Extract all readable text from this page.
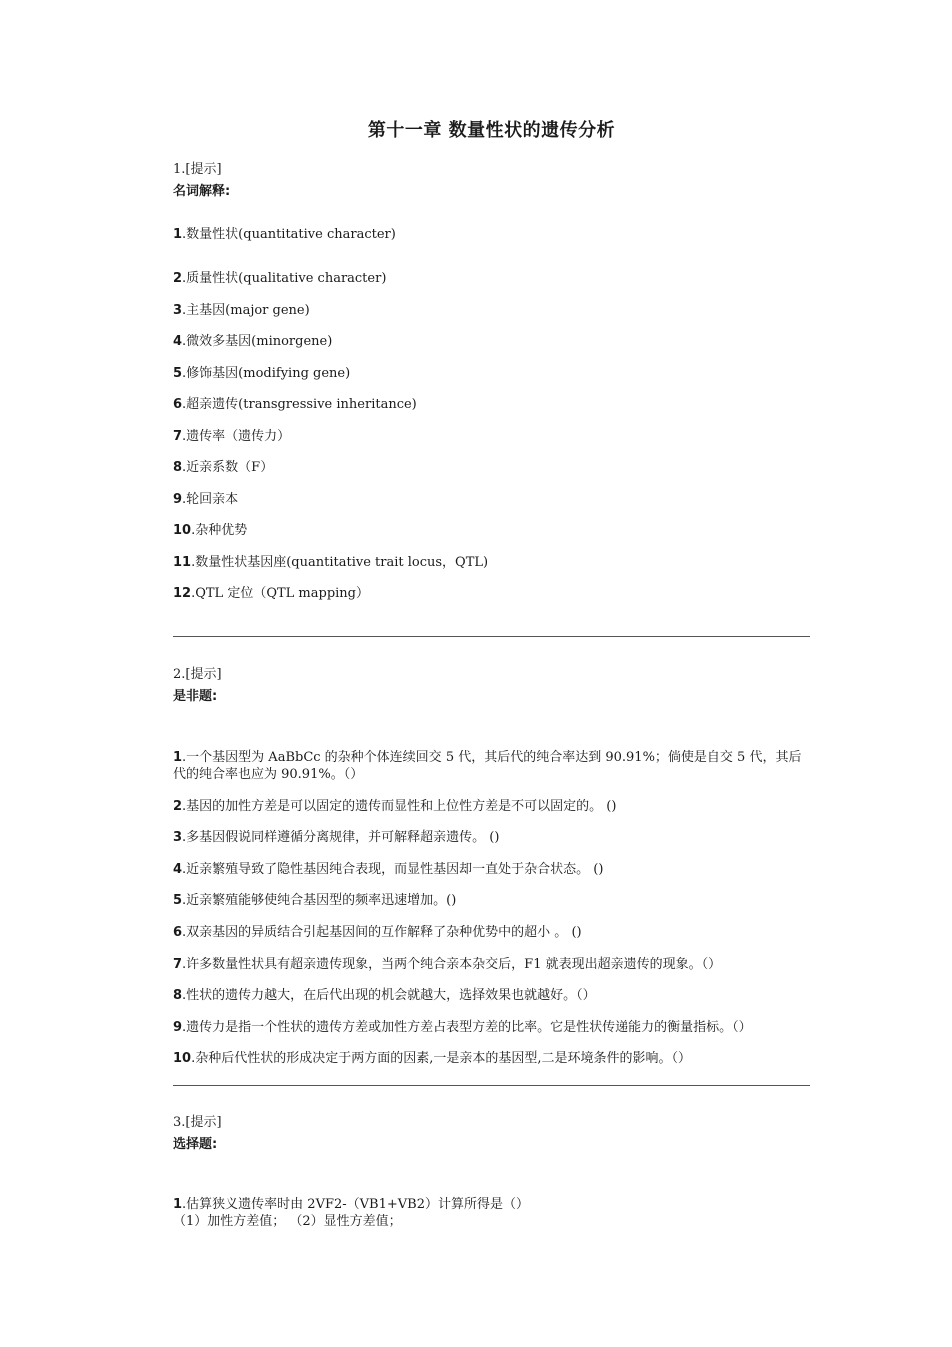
第十一章 数量性状的遗传分析
1.[提示]
名词解释:
1.数量性状(quantitative character)
2.质量性状(qualitative character)
3.主基因(major gene)
4.微效多基因(minorgene)
5.修饰基因(modifying gene)
6.超亲遗传(transgressive inheritance)
7.遗传率（遗传力）
8.近亲系数（F）
9.轮回亲本
10.杂种优势
11.数量性状基因座(quantitative trait locus，QTL)
12.QTL 定位（QTL mapping）
2.[提示]
是非题:
1.一个基因型为 AaBbCc 的杂种个体连续回交 5 代，其后代的纯合率达到 90.91%；倘使是自交 5 代，其后代的纯合率也应为 90.91%。（）
2.基因的加性方差是可以固定的遗传而显性和上位性方差是不可以固定的。 ()
3.多基因假说同样遵循分离规律，并可解释超亲遗传。 ()
4.近亲繁殖导致了隐性基因纯合表现，而显性基因却一直处于杂合状态。 ()
5.近亲繁殖能够使纯合基因型的频率迅速增加。()
6.双亲基因的异质结合引起基因间的互作解释了杂种优势中的超小 。 ()
7.许多数量性状具有超亲遗传现象，当两个纯合亲本杂交后，F1 就表现出超亲遗传的现象。（）
8.性状的遗传力越大，在后代出现的机会就越大，选择效果也就越好。（）
9.遗传力是指一个性状的遗传方差或加性方差占表型方差的比率。它是性状传递能力的衡量指标。（）
10.杂种后代性状的形成决定于两方面的因素,一是亲本的基因型,二是环境条件的影响。（）
3.[提示]
选择题:
1.估算狭义遗传率时由 2VF2-（VB1+VB2）计算所得是（）
（1）加性方差值； （2）显性方差值；
